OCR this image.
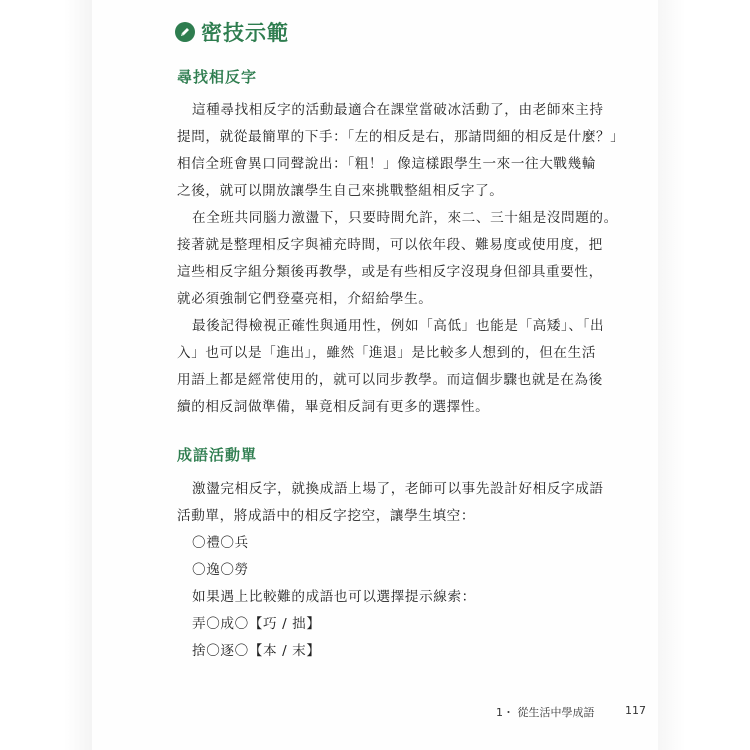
密技示範
尋找相反字
這種尋找相反字的活動最適合在課堂當破冰活動了，由老師來主持
提問，就從最簡單的下手：「左的相反是右，那請問細的相反是什麼？」
相信全班會異口同聲說出：「粗！」像這樣跟學生一來一往大戰幾輪
之後，就可以開放讓學生自己來挑戰整組相反字了。
在全班共同腦力激盪下，只要時間允許，來二、三十組是沒問題的。
接著就是整理相反字與補充時間，可以依年段、難易度或使用度，把
這些相反字組分類後再教學，或是有些相反字沒現身但卻具重要性，
就必須強制它們登臺亮相，介紹給學生。
最後記得檢視正確性與通用性，例如「高低」也能是「高矮」、「出
入」也可以是「進出」，雖然「進退」是比較多人想到的，但在生活
用語上都是經常使用的，就可以同步教學。而這個步驟也就是在為後
續的相反詞做準備，畢竟相反詞有更多的選擇性。
成語活動單
激盪完相反字，就換成語上場了，老師可以事先設計好相反字成語
活動單，將成語中的相反字挖空，讓學生填空：
〇禮〇兵
〇逸〇勞
如果遇上比較難的成語也可以選擇提示線索：
弄〇成〇【巧 / 拙】
捨〇逐〇【本 / 末】
1・ 從生活中學成語	117
